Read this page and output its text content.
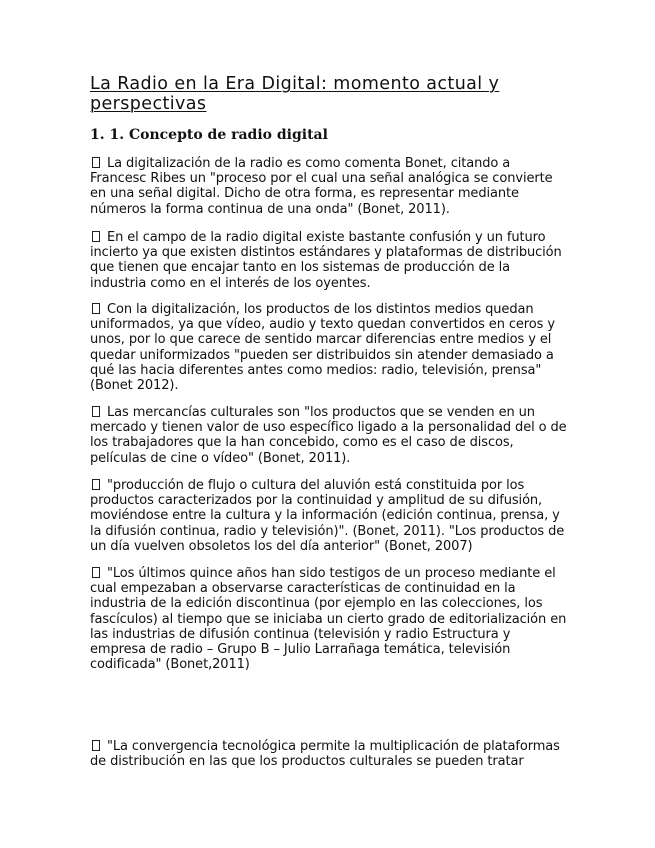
La Radio en la Era Digital: momento actual y perspectivas
1. 1. Concepto de radio digital

La digitalización de la radio es como comenta Bonet, citando a Francesc Ribes un "proceso por el cual una señal analógica se convierte en una señal digital. Dicho de otra forma, es representar mediante números la forma continua de una onda" (Bonet, 2011).

En el campo de la radio digital existe bastante confusión y un futuro incierto ya que existen distintos estándares y plataformas de distribución que tienen que encajar tanto en los sistemas de producción de la industria como en el interés de los oyentes.

Con la digitalización, los productos de los distintos medios quedan uniformados, ya que vídeo, audio y texto quedan convertidos en ceros y unos, por lo que carece de sentido marcar diferencias entre medios y el quedar uniformizados "pueden ser distribuidos sin atender demasiado a qué las hacia diferentes antes como medios: radio, televisión, prensa" (Bonet 2012).

Las mercancías culturales son "los productos que se venden en un mercado y tienen valor de uso específico ligado a la personalidad del o de los trabajadores que la han concebido, como es el caso de discos, películas de cine o vídeo" (Bonet, 2011).

"producción de flujo o cultura del aluvión está constituida por los productos caracterizados por la continuidad y amplitud de su difusión, moviéndose entre la cultura y la información (edición continua, prensa, y la difusión continua, radio y televisión)". (Bonet, 2011). "Los productos de un día vuelven obsoletos los del día anterior" (Bonet, 2007)

"Los últimos quince años han sido testigos de un proceso mediante el cual empezaban a observarse características de continuidad en la industria de la edición discontinua (por ejemplo en las colecciones, los fascículos) al tiempo que se iniciaba un cierto grado de editorialización en las industrias de difusión continua (televisión y radio Estructura y empresa de radio – Grupo B – Julio Larrañaga temática, televisión codificada" (Bonet,2011)

"La convergencia tecnológica permite la multiplicación de plataformas de distribución en las que los productos culturales se pueden tratar
